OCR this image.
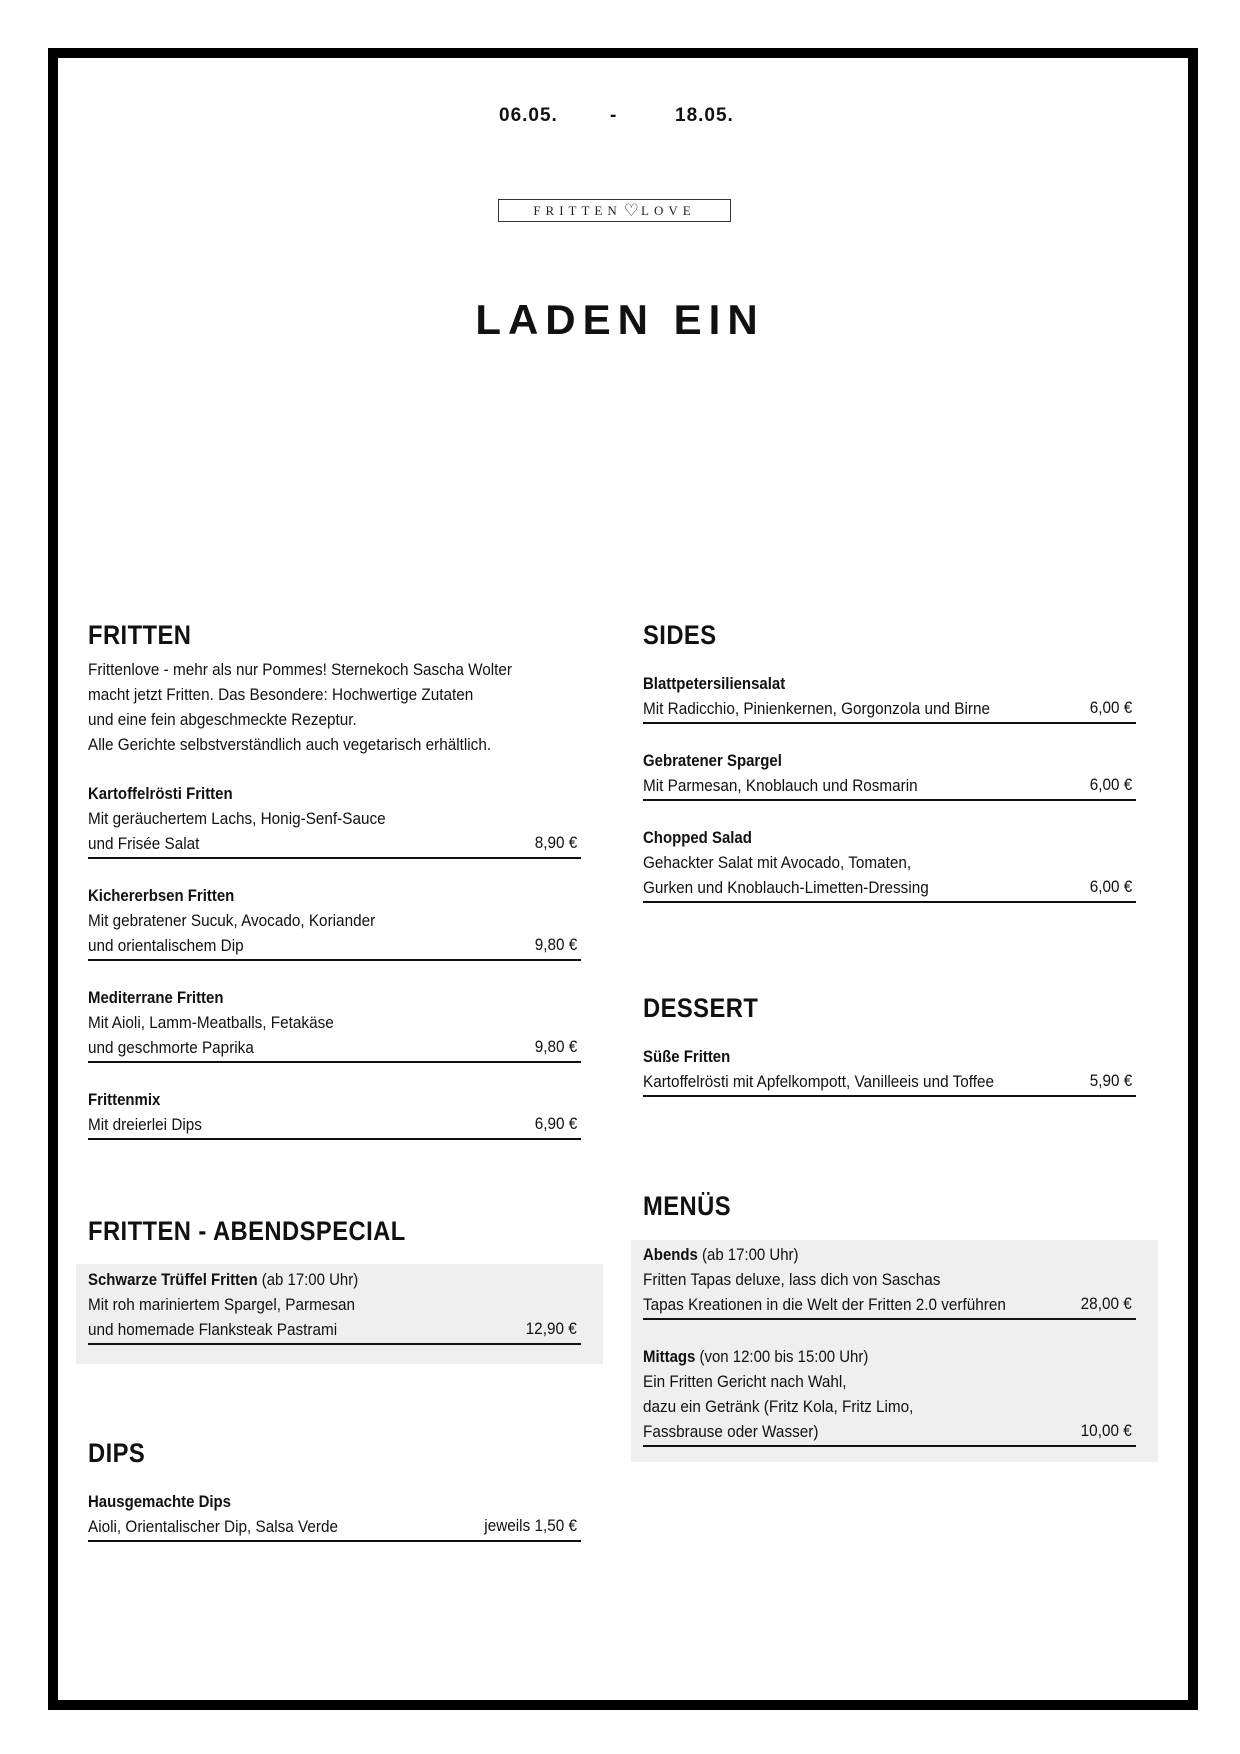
06.05.	-	18.05.
FRITTEN ♡ LOVE
LADEN EIN
FRITTEN
Frittenlove - mehr als nur Pommes! Sternekoch Sascha Wolter
macht jetzt Fritten. Das Besondere: Hochwertige Zutaten
und eine fein abgeschmeckte Rezeptur.
Alle Gerichte selbstverständlich auch vegetarisch erhältlich.
Kartoffelrösti Fritten
Mit geräuchertem Lachs, Honig-Senf-Sauce
und Frisée Salat	8,90 €
Kichererbsen Fritten
Mit gebratener Sucuk, Avocado, Koriander
und orientalischem Dip	9,80 €
Mediterrane Fritten
Mit Aioli, Lamm-Meatballs, Fetakäse
und geschmorte Paprika	9,80 €
Frittenmix
Mit dreierlei Dips	6,90 €
FRITTEN - ABENDSPECIAL
Schwarze Trüffel Fritten (ab 17:00 Uhr)
Mit roh mariniertem Spargel, Parmesan
und homemade Flanksteak Pastrami	12,90 €
DIPS
Hausgemachte Dips
Aioli, Orientalischer Dip, Salsa Verde	jeweils 1,50 €
SIDES
Blattpetersiliensalat
Mit Radicchio, Pinienkernen, Gorgonzola und Birne	6,00 €
Gebratener Spargel
Mit Parmesan, Knoblauch und Rosmarin	6,00 €
Chopped Salad
Gehackter Salat mit Avocado, Tomaten,
Gurken und Knoblauch-Limetten-Dressing	6,00 €
DESSERT
Süße Fritten
Kartoffelrösti mit Apfelkompott, Vanilleeis und Toffee	5,90 €
MENÜS
Abends (ab 17:00 Uhr)
Fritten Tapas deluxe, lass dich von Saschas
Tapas Kreationen in die Welt der Fritten 2.0 verführen	28,00 €
Mittags (von 12:00 bis 15:00 Uhr)
Ein Fritten Gericht nach Wahl,
dazu ein Getränk (Fritz Kola, Fritz Limo,
Fassbrause oder Wasser)	10,00 €
